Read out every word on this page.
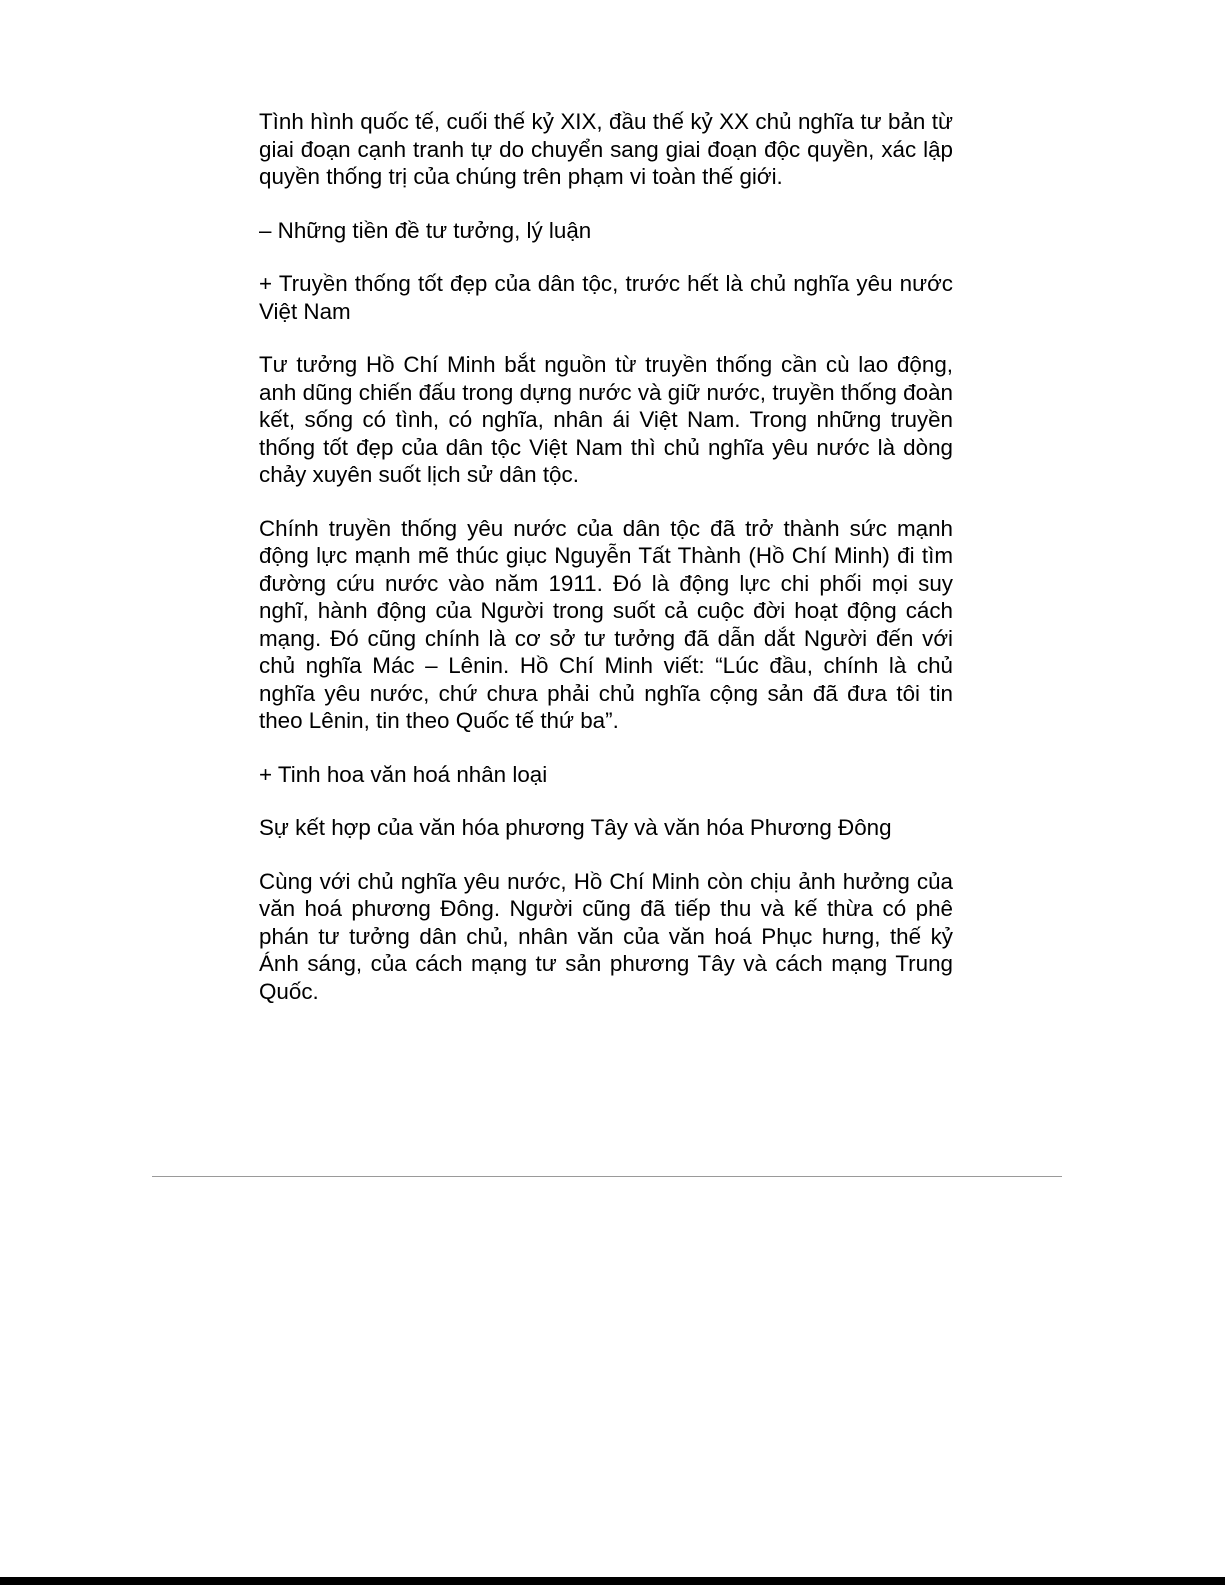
Tình hình quốc tế, cuối thế kỷ XIX, đầu thế kỷ XX chủ nghĩa tư bản từ giai đoạn cạnh tranh tự do chuyển sang giai đoạn độc quyền, xác lập quyền thống trị của chúng trên phạm vi toàn thế giới.

– Những tiền đề tư tưởng, lý luận

+ Truyền thống tốt đẹp của dân tộc, trước hết là chủ nghĩa yêu nước Việt Nam

Tư tưởng Hồ Chí Minh bắt nguồn từ truyền thống cần cù lao động, anh dũng chiến đấu trong dựng nước và giữ nước, truyền thống đoàn kết, sống có tình, có nghĩa, nhân ái Việt Nam. Trong những truyền thống tốt đẹp của dân tộc Việt Nam thì chủ nghĩa yêu nước là dòng chảy xuyên suốt lịch sử dân tộc.

Chính truyền thống yêu nước của dân tộc đã trở thành sức mạnh động lực mạnh mẽ thúc giục Nguyễn Tất Thành (Hồ Chí Minh) đi tìm đường cứu nước vào năm 1911. Đó là động lực chi phối mọi suy nghĩ, hành động của Người trong suốt cả cuộc đời hoạt động cách mạng. Đó cũng chính là cơ sở tư tưởng đã dẫn dắt Người đến với chủ nghĩa Mác – Lênin. Hồ Chí Minh viết: “Lúc đầu, chính là chủ nghĩa yêu nước, chứ chưa phải chủ nghĩa cộng sản đã đưa tôi tin theo Lênin, tin theo Quốc tế thứ ba”.

+ Tinh hoa văn hoá nhân loại

Sự kết hợp của văn hóa phương Tây và văn hóa Phương Đông

Cùng với chủ nghĩa yêu nước, Hồ Chí Minh còn chịu ảnh hưởng của văn hoá phương Đông. Người cũng đã tiếp thu và kế thừa có phê phán tư tưởng dân chủ, nhân văn của văn hoá Phục hưng, thế kỷ Ánh sáng, của cách mạng tư sản phương Tây và cách mạng Trung Quốc.
